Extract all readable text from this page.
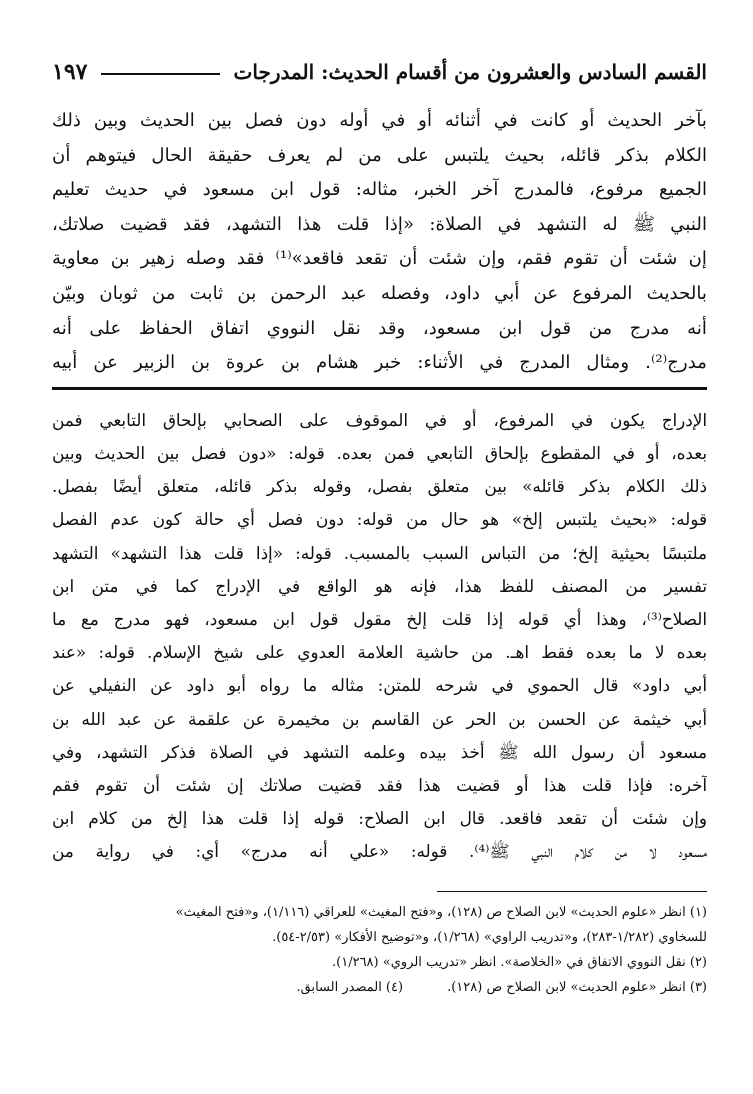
القسم السادس والعشرون من أقسام الحديث: المدرجات
١٩٧
بآخر الحديث أو كانت في أثنائه أو في أوله دون فصل بين الحديث وبين ذلك
الكلام بذكر قائله، بحيث يلتبس على من لم يعرف حقيقة الحال فيتوهم أن
الجميع مرفوع، فالمدرج آخر الخبر، مثاله: قول ابن مسعود في حديث تعليم
النبي ﷺ له التشهد في الصلاة: «إذا قلت هذا التشهد، فقد قضيت صلاتك،
إن شئت أن تقوم فقم، وإن شئت أن تقعد فاقعد»⁽¹⁾ فقد وصله زهير بن معاوية
بالحديث المرفوع عن أبي داود، وفصله عبد الرحمن بن ثابت من ثوبان وبيّن
أنه مدرج من قول ابن مسعود، وقد نقل النووي اتفاق الحفاظ على أنه
مدرج⁽²⁾. ومثال المدرج في الأثناء: خبر هشام بن عروة بن الزبير عن أبيه
الإدراج يكون في المرفوع، أو في الموقوف على الصحابي بإلحاق التابعي فمن
بعده، أو في المقطوع بإلحاق التابعي فمن بعده. قوله: «دون فصل بين الحديث وبين
ذلك الكلام بذكر قائله» بين متعلق بفصل، وقوله بذكر قائله، متعلق أيضًا بفصل.
قوله: «بحيث يلتبس إلخ» هو حال من قوله: دون فصل أي حالة كون عدم الفصل
ملتبسًا بحيثية إلخ؛ من التباس السبب بالمسبب. قوله: «إذا قلت هذا التشهد» التشهد
تفسير من المصنف للفظ هذا، فإنه هو الواقع في الإدراج كما في متن ابن
الصلاح⁽³⁾، وهذا أي قوله إذا قلت إلخ مقول قول ابن مسعود، فهو مدرج مع ما
بعده لا ما بعده فقط اهـ. من حاشية العلامة العدوي على شيخ الإسلام. قوله: «عند
أبي داود» قال الحموي في شرحه للمتن: مثاله ما رواه أبو داود عن النفيلي عن
أبي خيثمة عن الحسن بن الحر عن القاسم بن مخيمرة عن علقمة عن عبد الله بن
مسعود أن رسول الله ﷺ أخذ بيده وعلمه التشهد في الصلاة فذكر التشهد، وفي
آخره: فإذا قلت هذا أو قضيت هذا فقد قضيت صلاتك إن شئت أن تقوم فقم
وإن شئت أن تقعد فاقعد. قال ابن الصلاح: قوله إذا قلت هذا إلخ من كلام ابن
مسعود لا من كلام النبي ﷺ⁽⁴⁾. قوله: «علي أنه مدرج» أي: في رواية من
(١) انظر «علوم الحديث» لابن الصلاح ص (١٢٨)، و«فتح المغيث» للعراقي (١/١١٦)، و«فتح المغيث»
للسخاوي (١/٢٨٢-٢٨٣)، و«تدريب الراوي» (١/٢٦٨)، و«توضيح الأفكار» (٢/٥٣-٥٤).
(٢) نقل النووي الاتفاق في «الخلاصة». انظر «تدريب الروي» (١/٢٦٨).
(٣) انظر «علوم الحديث» لابن الصلاح ص (١٢٨).
(٤) المصدر السابق.
